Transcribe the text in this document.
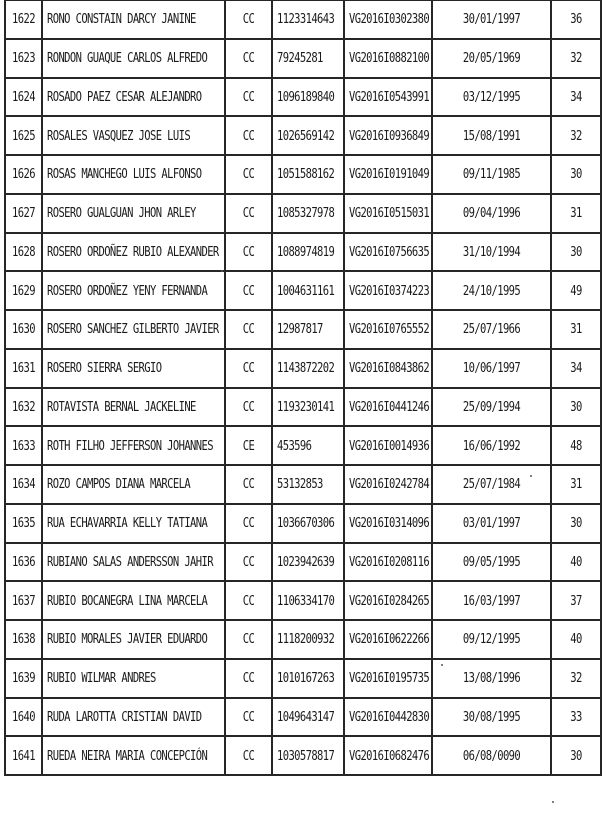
1622	RONO CONSTAIN DARCY JANINE	CC	1123314643	VG2016I0302380	30/01/1997	36
1623	RONDON GUAQUE CARLOS ALFREDO	CC	79245281	VG2016I0882100	20/05/1969	32
1624	ROSADO PAEZ CESAR ALEJANDRO	CC	1096189840	VG2016I0543991	03/12/1995	34
1625	ROSALES VASQUEZ JOSE LUIS	CC	1026569142	VG2016I0936849	15/08/1991	32
1626	ROSAS MANCHEGO LUIS ALFONSO	CC	1051588162	VG2016I0191049	09/11/1985	30
1627	ROSERO GUALGUAN JHON ARLEY	CC	1085327978	VG2016I0515031	09/04/1996	31
1628	ROSERO ORDOÑEZ RUBIO ALEXANDER	CC	1088974819	VG2016I0756635	31/10/1994	30
1629	ROSERO ORDOÑEZ YENY FERNANDA	CC	1004631161	VG2016I0374223	24/10/1995	49
1630	ROSERO SANCHEZ GILBERTO JAVIER	CC	12987817	VG2016I0765552	25/07/1966	31
1631	ROSERO SIERRA SERGIO	CC	1143872202	VG2016I0843862	10/06/1997	34
1632	ROTAVISTA BERNAL JACKELINE	CC	1193230141	VG2016I0441246	25/09/1994	30
1633	ROTH FILHO JEFFERSON JOHANNES	CE	453596	VG2016I0014936	16/06/1992	48
1634	ROZO CAMPOS DIANA MARCELA	CC	53132853	VG2016I0242784	25/07/1984	31
1635	RUA ECHAVARRIA KELLY TATIANA	CC	1036670306	VG2016I0314096	03/01/1997	30
1636	RUBIANO SALAS ANDERSSON JAHIR	CC	1023942639	VG2016I0208116	09/05/1995	40
1637	RUBIO BOCANEGRA LINA MARCELA	CC	1106334170	VG2016I0284265	16/03/1997	37
1638	RUBIO MORALES JAVIER EDUARDO	CC	1118200932	VG2016I0622266	09/12/1995	40
1639	RUBIO WILMAR ANDRES	CC	1010167263	VG2016I0195735	13/08/1996	32
1640	RUDA LAROTTA CRISTIAN DAVID	CC	1049643147	VG2016I0442830	30/08/1995	33
1641	RUEDA NEIRA MARIA CONCEPCIÓN	CC	1030578817	VG2016I0682476	06/08/0090	30
